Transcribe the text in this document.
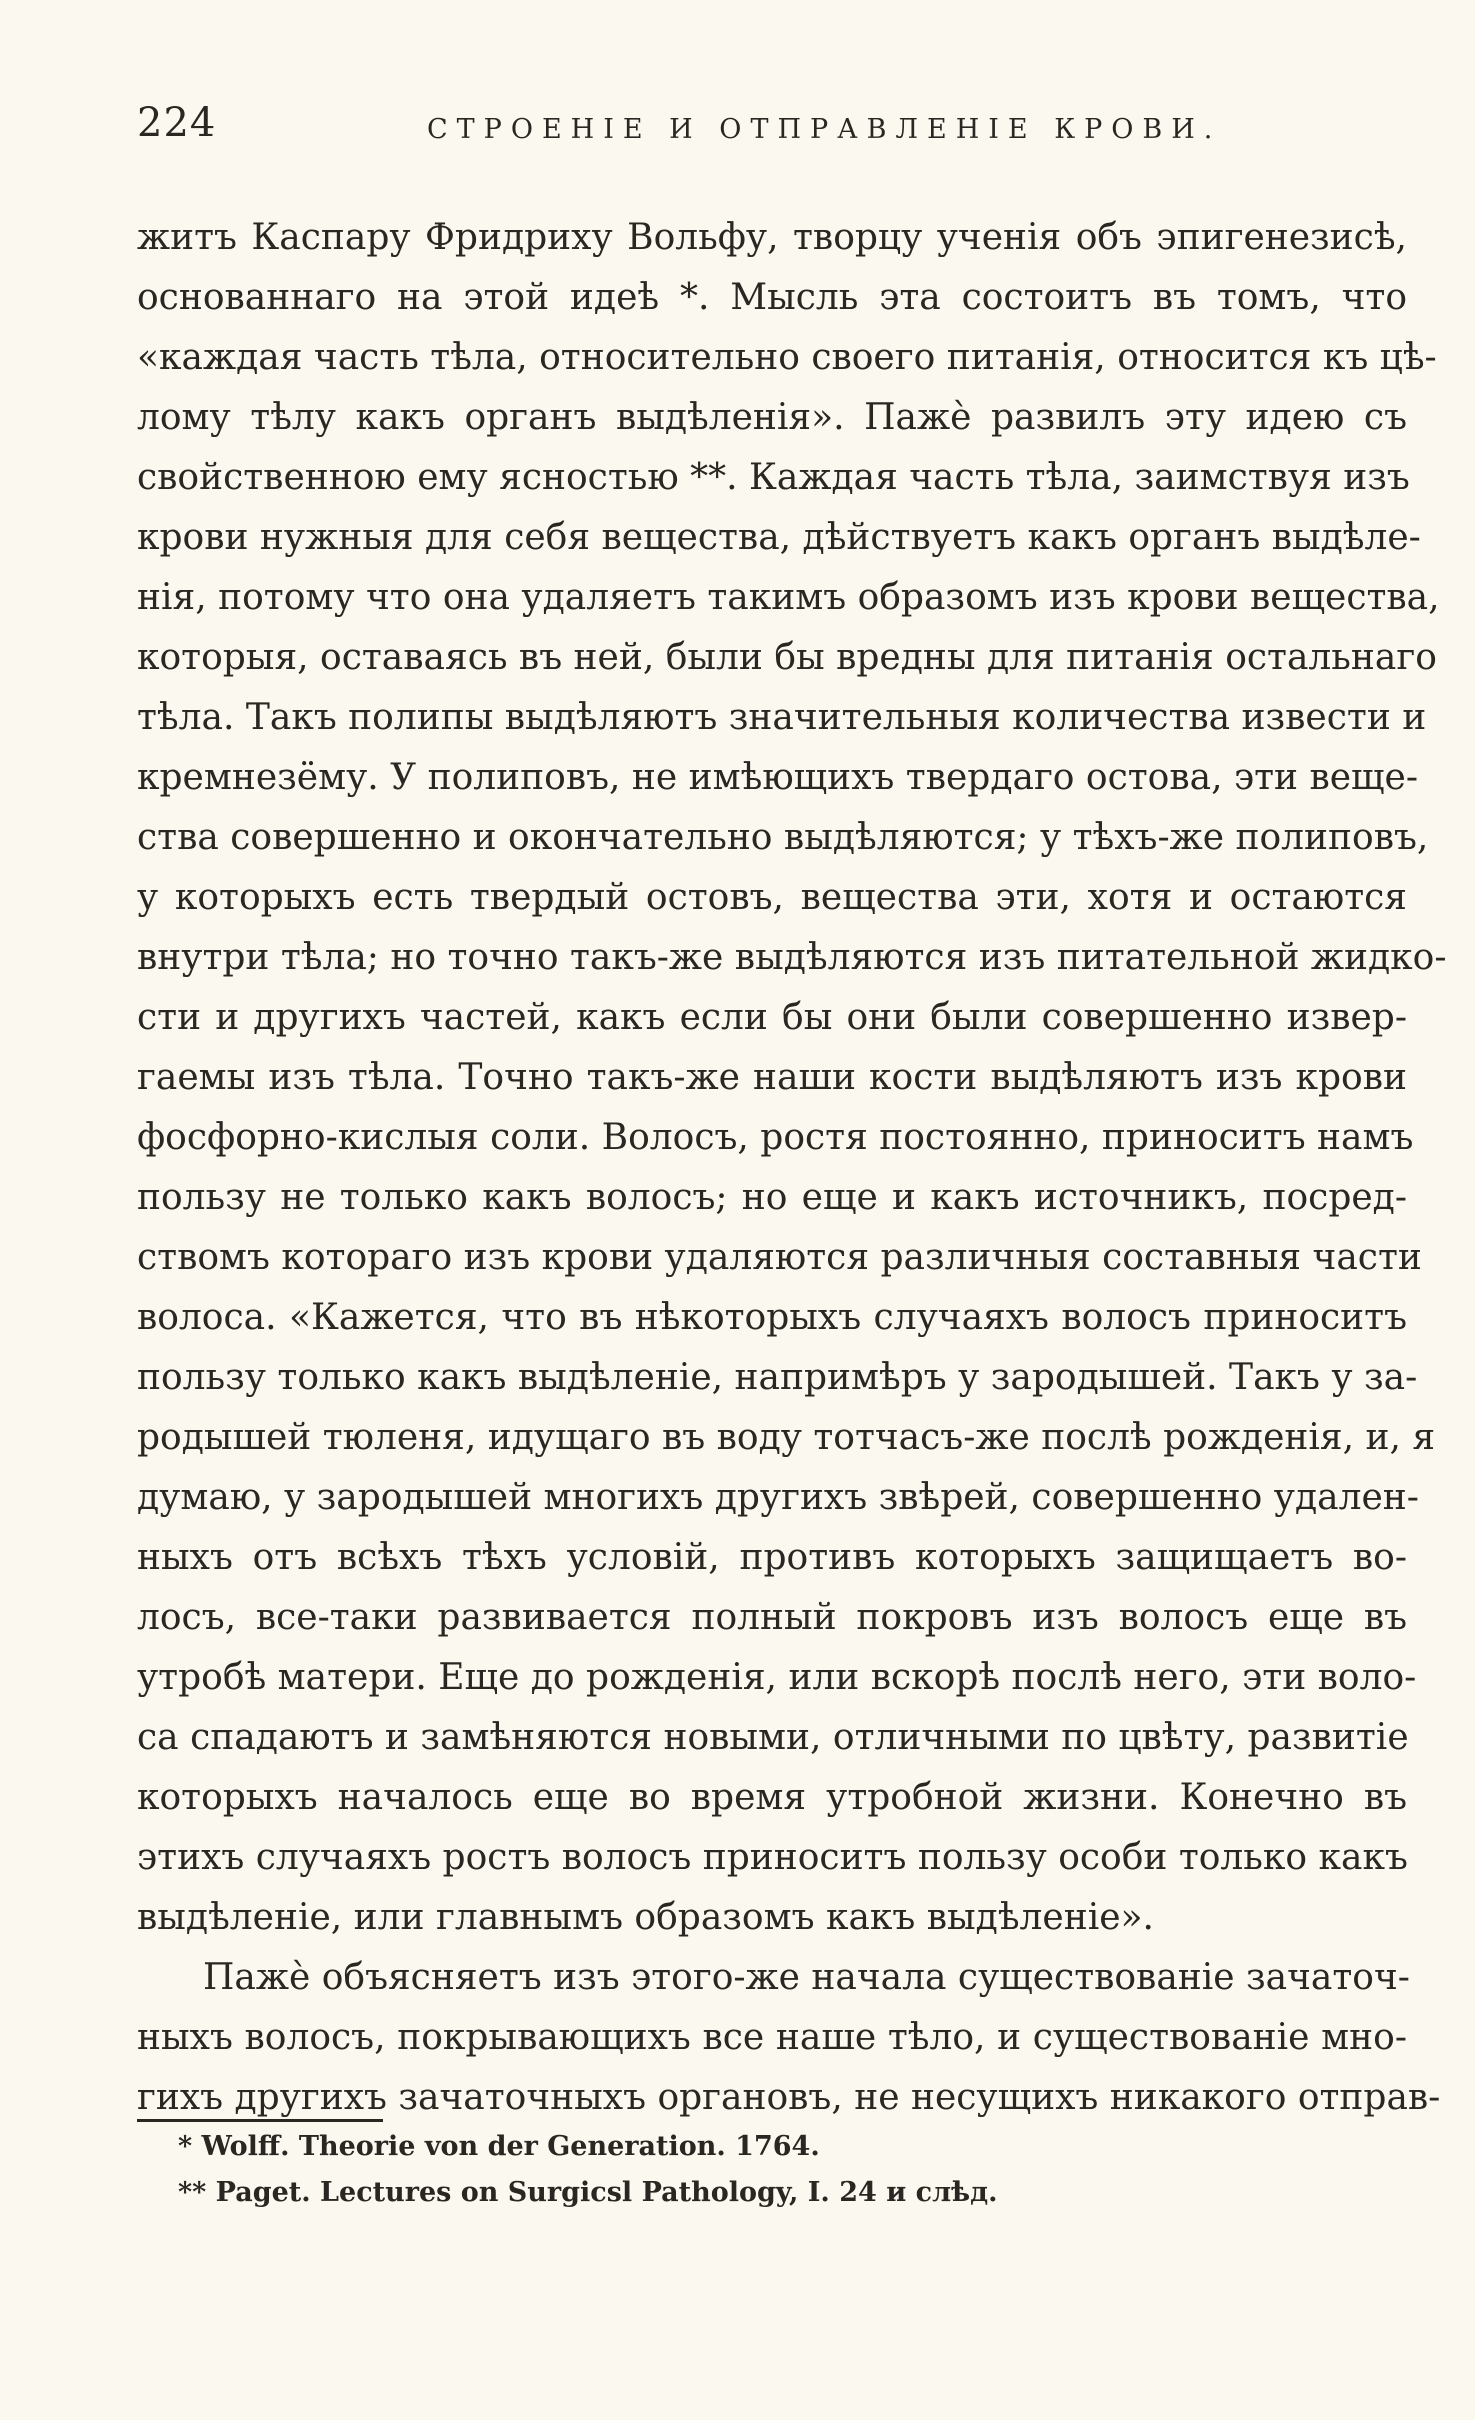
224	СТРОЕНІЕ И ОТПРАВЛЕНІЕ КРОВИ.
житъ Каспару Фридриху Вольфу, творцу ученія объ эпигенезисѣ,
основаннаго на этой идеѣ *. Мысль эта состоитъ въ томъ, что
«каждая часть тѣла, относительно своего питанія, относится къ цѣ-
лому тѣлу какъ органъ выдѣленія». Пажè развилъ эту идею съ
свойственною ему ясностью **. Каждая часть тѣла, заимствуя изъ
крови нужныя для себя вещества, дѣйствуетъ какъ органъ выдѣле-
нія, потому что она удаляетъ такимъ образомъ изъ крови вещества,
которыя, оставаясь въ ней, были бы вредны для питанія остальнаго
тѣла. Такъ полипы выдѣляютъ значительныя количества извести и
кремнезёму. У полиповъ, не имѣющихъ твердаго остова, эти веще-
ства совершенно и окончательно выдѣляются; у тѣхъ-же полиповъ,
у которыхъ есть твердый остовъ, вещества эти, хотя и остаются
внутри тѣла; но точно такъ-же выдѣляются изъ питательной жидко-
сти и другихъ частей, какъ если бы они были совершенно извер-
гаемы изъ тѣла. Точно такъ-же наши кости выдѣляютъ изъ крови
фосфорно-кислыя соли. Волосъ, ростя постоянно, приноситъ намъ
пользу не только какъ волосъ; но еще и какъ источникъ, посред-
ствомъ котораго изъ крови удаляются различныя составныя части
волоса. «Кажется, что въ нѣкоторыхъ случаяхъ волосъ приноситъ
пользу только какъ выдѣленіе, напримѣръ у зародышей. Такъ у за-
родышей тюленя, идущаго въ воду тотчасъ-же послѣ рожденія, и, я
думаю, у зародышей многихъ другихъ звѣрей, совершенно удален-
ныхъ отъ всѣхъ тѣхъ условій, противъ которыхъ защищаетъ во-
лосъ, все-таки развивается полный покровъ изъ волосъ еще въ
утробѣ матери. Еще до рожденія, или вскорѣ послѣ него, эти воло-
са спадаютъ и замѣняются новыми, отличными по цвѣту, развитіе
которыхъ началось еще во время утробной жизни. Конечно въ
этихъ случаяхъ ростъ волосъ приноситъ пользу особи только какъ
выдѣленіе, или главнымъ образомъ какъ выдѣленіе».
Пажè объясняетъ изъ этого-же начала существованіе зачаточ-
ныхъ волосъ, покрывающихъ все наше тѣло, и существованіе мно-
гихъ другихъ зачаточныхъ органовъ, не несущихъ никакого отправ-
* Wolff. Theorie von der Generation. 1764.
** Paget. Lectures on Surgicsl Pathology, I. 24 и слѣд.
